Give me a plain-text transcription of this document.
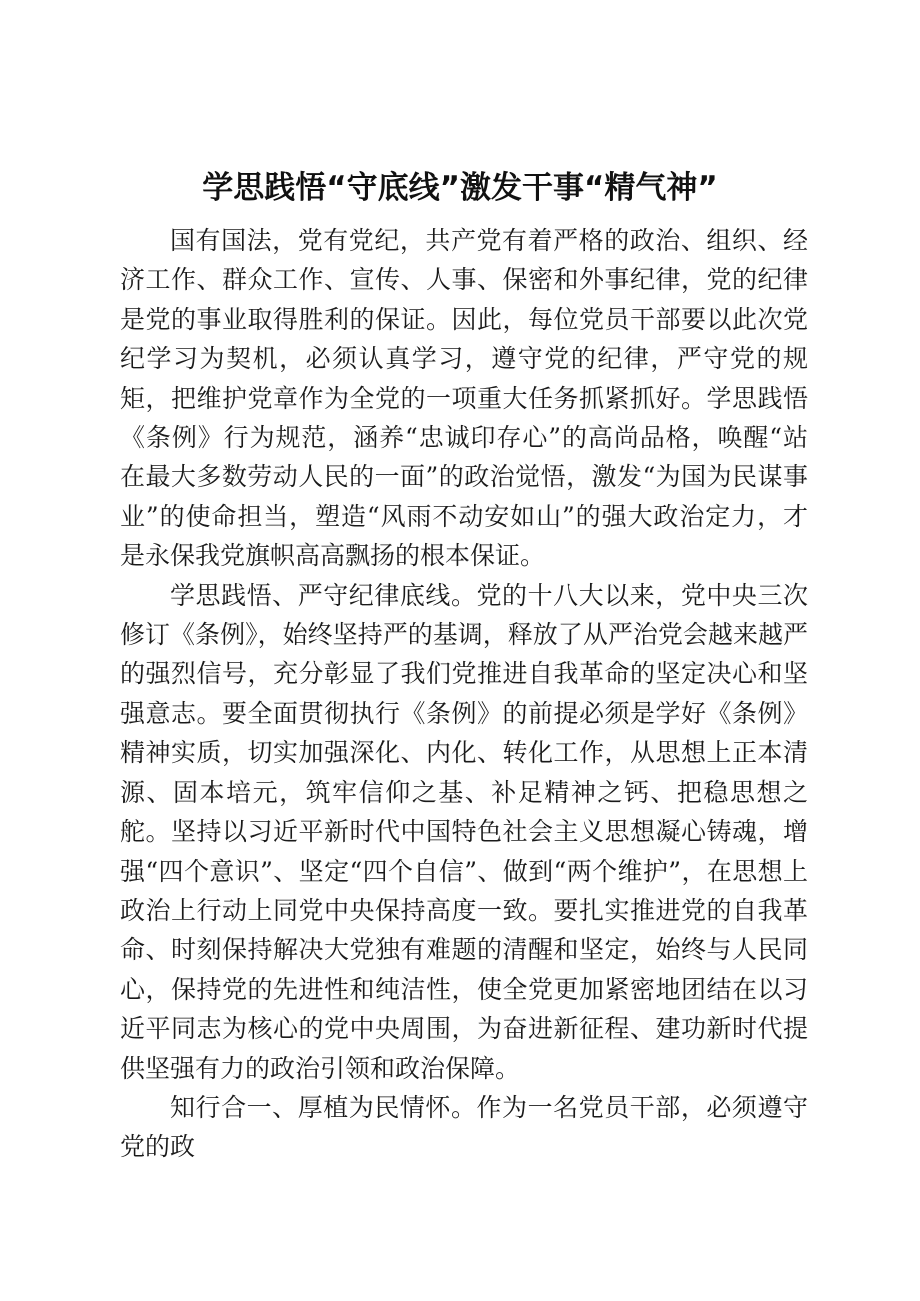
学思践悟“守底线”激发干事“精气神”

国有国法，党有党纪，共产党有着严格的政治、组织、经济工作、群众工作、宣传、人事、保密和外事纪律，党的纪律是党的事业取得胜利的保证。因此，每位党员干部要以此次党纪学习为契机，必须认真学习，遵守党的纪律，严守党的规矩，把维护党章作为全党的一项重大任务抓紧抓好。学思践悟《条例》行为规范，涵养“忠诚印存心”的高尚品格，唤醒“站在最大多数劳动人民的一面”的政治觉悟，激发“为国为民谋事业”的使命担当，塑造“风雨不动安如山”的强大政治定力，才是永保我党旗帜高高飘扬的根本保证。

学思践悟、严守纪律底线。党的十八大以来，党中央三次修订《条例》，始终坚持严的基调，释放了从严治党会越来越严的强烈信号，充分彰显了我们党推进自我革命的坚定决心和坚强意志。要全面贯彻执行《条例》的前提必须是学好《条例》精神实质，切实加强深化、内化、转化工作，从思想上正本清源、固本培元，筑牢信仰之基、补足精神之钙、把稳思想之舵。坚持以习近平新时代中国特色社会主义思想凝心铸魂，增强“四个意识”、坚定“四个自信”、做到“两个维护”，在思想上政治上行动上同党中央保持高度一致。要扎实推进党的自我革命、时刻保持解决大党独有难题的清醒和坚定，始终与人民同心，保持党的先进性和纯洁性，使全党更加紧密地团结在以习近平同志为核心的党中央周围，为奋进新征程、建功新时代提供坚强有力的政治引领和政治保障。

知行合一、厚植为民情怀。作为一名党员干部，必须遵守党的政
